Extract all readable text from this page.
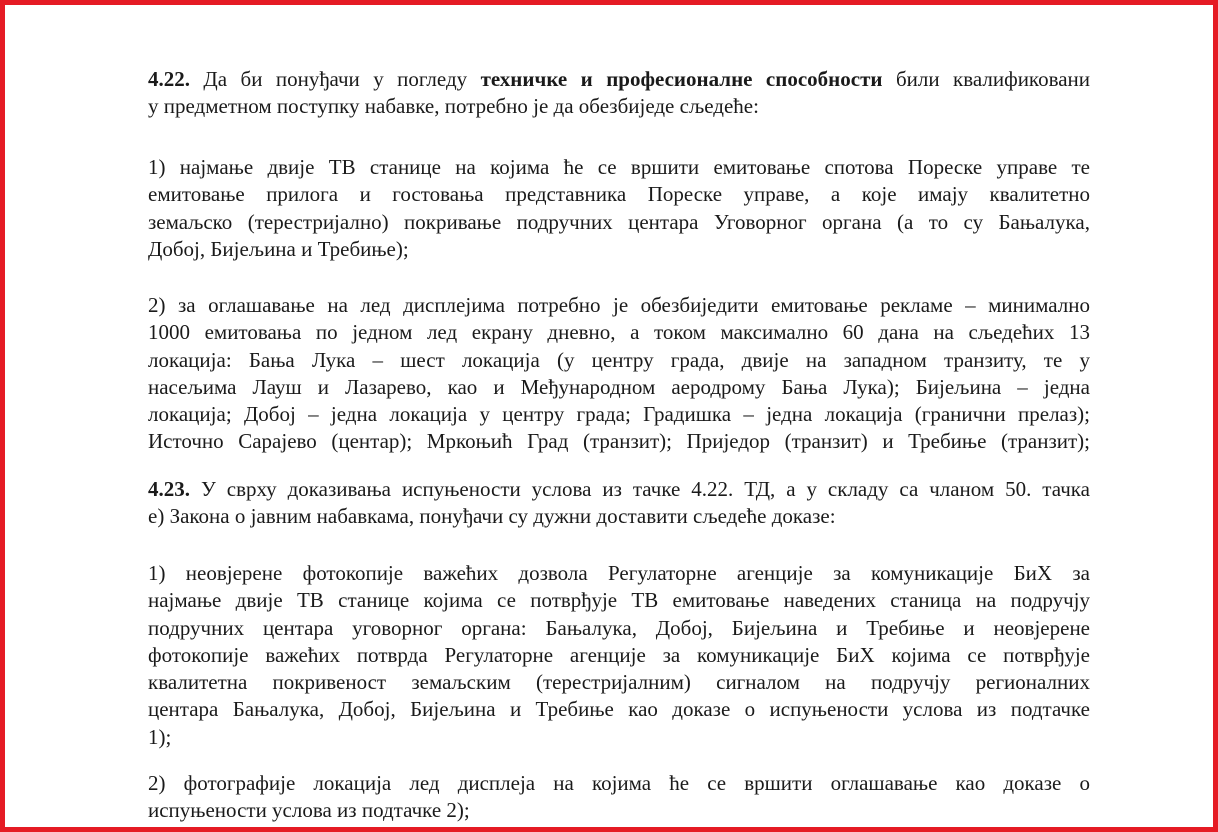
4.22. Да би понуђачи у погледу техничке и професионалне способности били квалификовани
у предметном поступку набавке, потребно је да обезбиједе сљедеће:
1) најмање двије ТВ станице на којима ће се вршити емитовање спотова Пореске управе те
емитовање прилога и гостовања представника Пореске управе, а које имају квалитетно
земаљско (терестријално) покривање подручних центара Уговорног органа (а то су Бањалука,
Добој, Бијељина и Требиње);
2) за оглашавање на лед дисплејима потребно је обезбиједити емитовање рекламе – минимално
1000 емитовања по једном лед екрану дневно, а током максимално 60 дана на сљедећих 13
локација: Бања Лука – шест локација (у центру града, двије на западном транзиту, те у
насељима Лауш и Лазарево, као и Међународном аеродрому Бања Лука); Бијељина – једна
локација; Добој – једна локација у центру града; Градишка – једна локација (гранични прелаз);
Источно Сарајево (центар); Мркоњић Град (транзит); Приједор (транзит) и Требиње (транзит);
4.23. У сврху доказивања испуњености услова из тачке 4.22. ТД, а у складу са чланом 50. тачка
е) Закона о јавним набавкама, понуђачи су дужни доставити сљедеће доказе:
1) неовјерене фотокопије важећих дозвола Регулаторне агенције за комуникације БиХ за
најмање двије ТВ станице којима се потврђује ТВ емитовање наведених станица на подручју
подручних центара уговорног органа: Бањалука, Добој, Бијељина и Требиње и неовјерене
фотокопије важећих потврда Регулаторне агенције за комуникације БиХ којима се потврђује
квалитетна покривеност земаљским (терестријалним) сигналом на подручју регионалних
центара Бањалука, Добој, Бијељина и Требиње као доказе о испуњености услова из подтачке
1);
2) фотографије локација лед дисплеја на којима ће се вршити оглашавање као доказе о
испуњености услова из подтачке 2);
